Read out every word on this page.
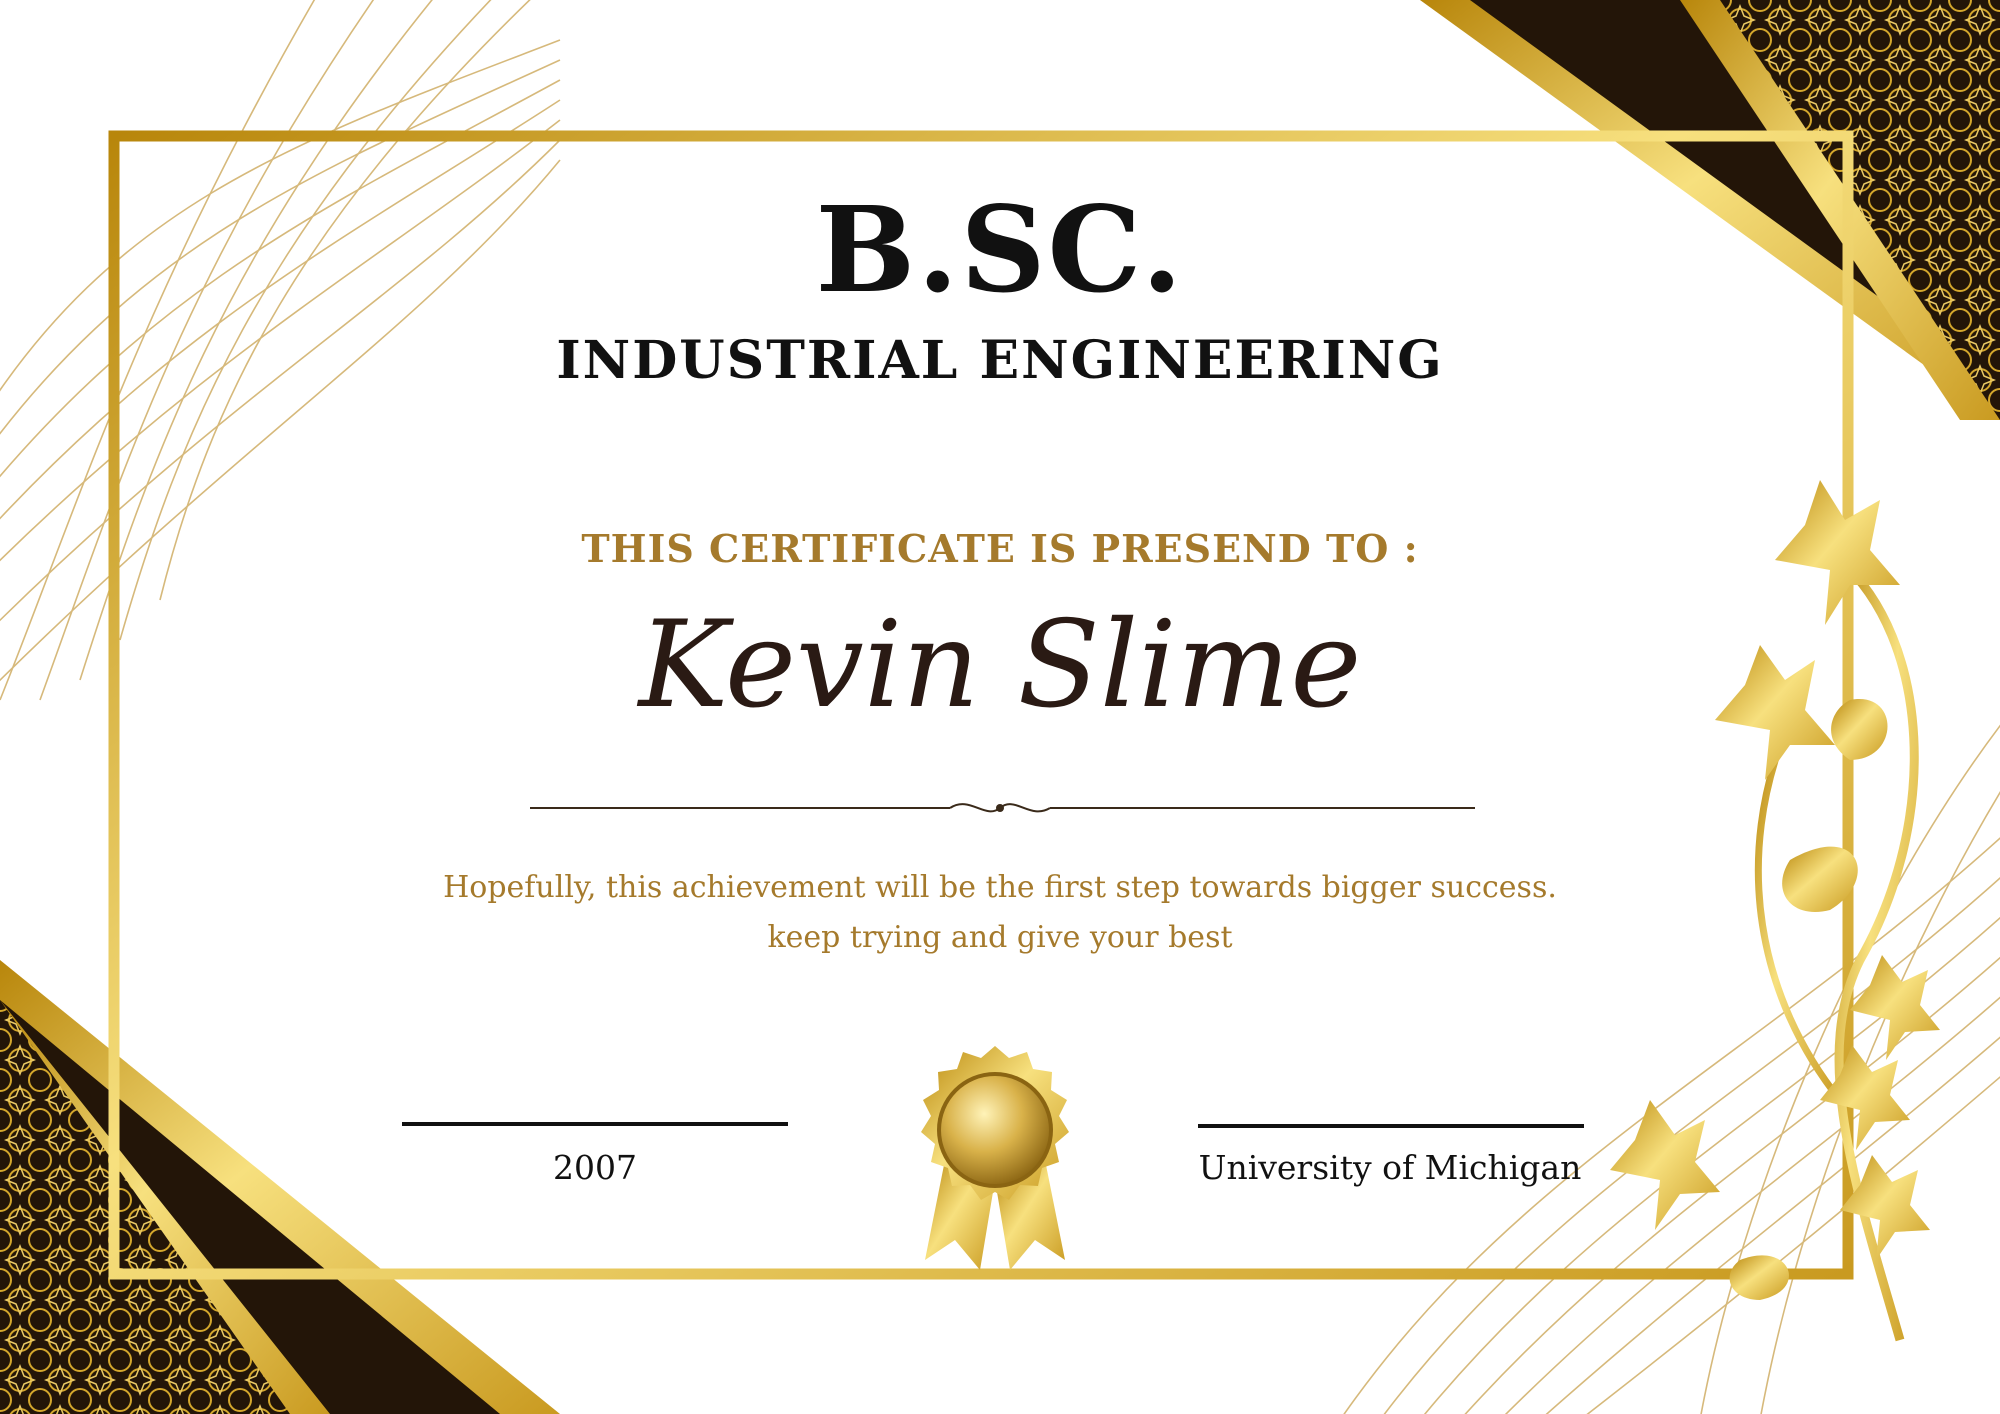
B.SC.
INDUSTRIAL ENGINEERING
THIS CERTIFICATE IS PRESEND TO :
Kevin Slime
Hopefully, this achievement will be the first step towards bigger success.
keep trying and give your best
2007	University of Michigan
